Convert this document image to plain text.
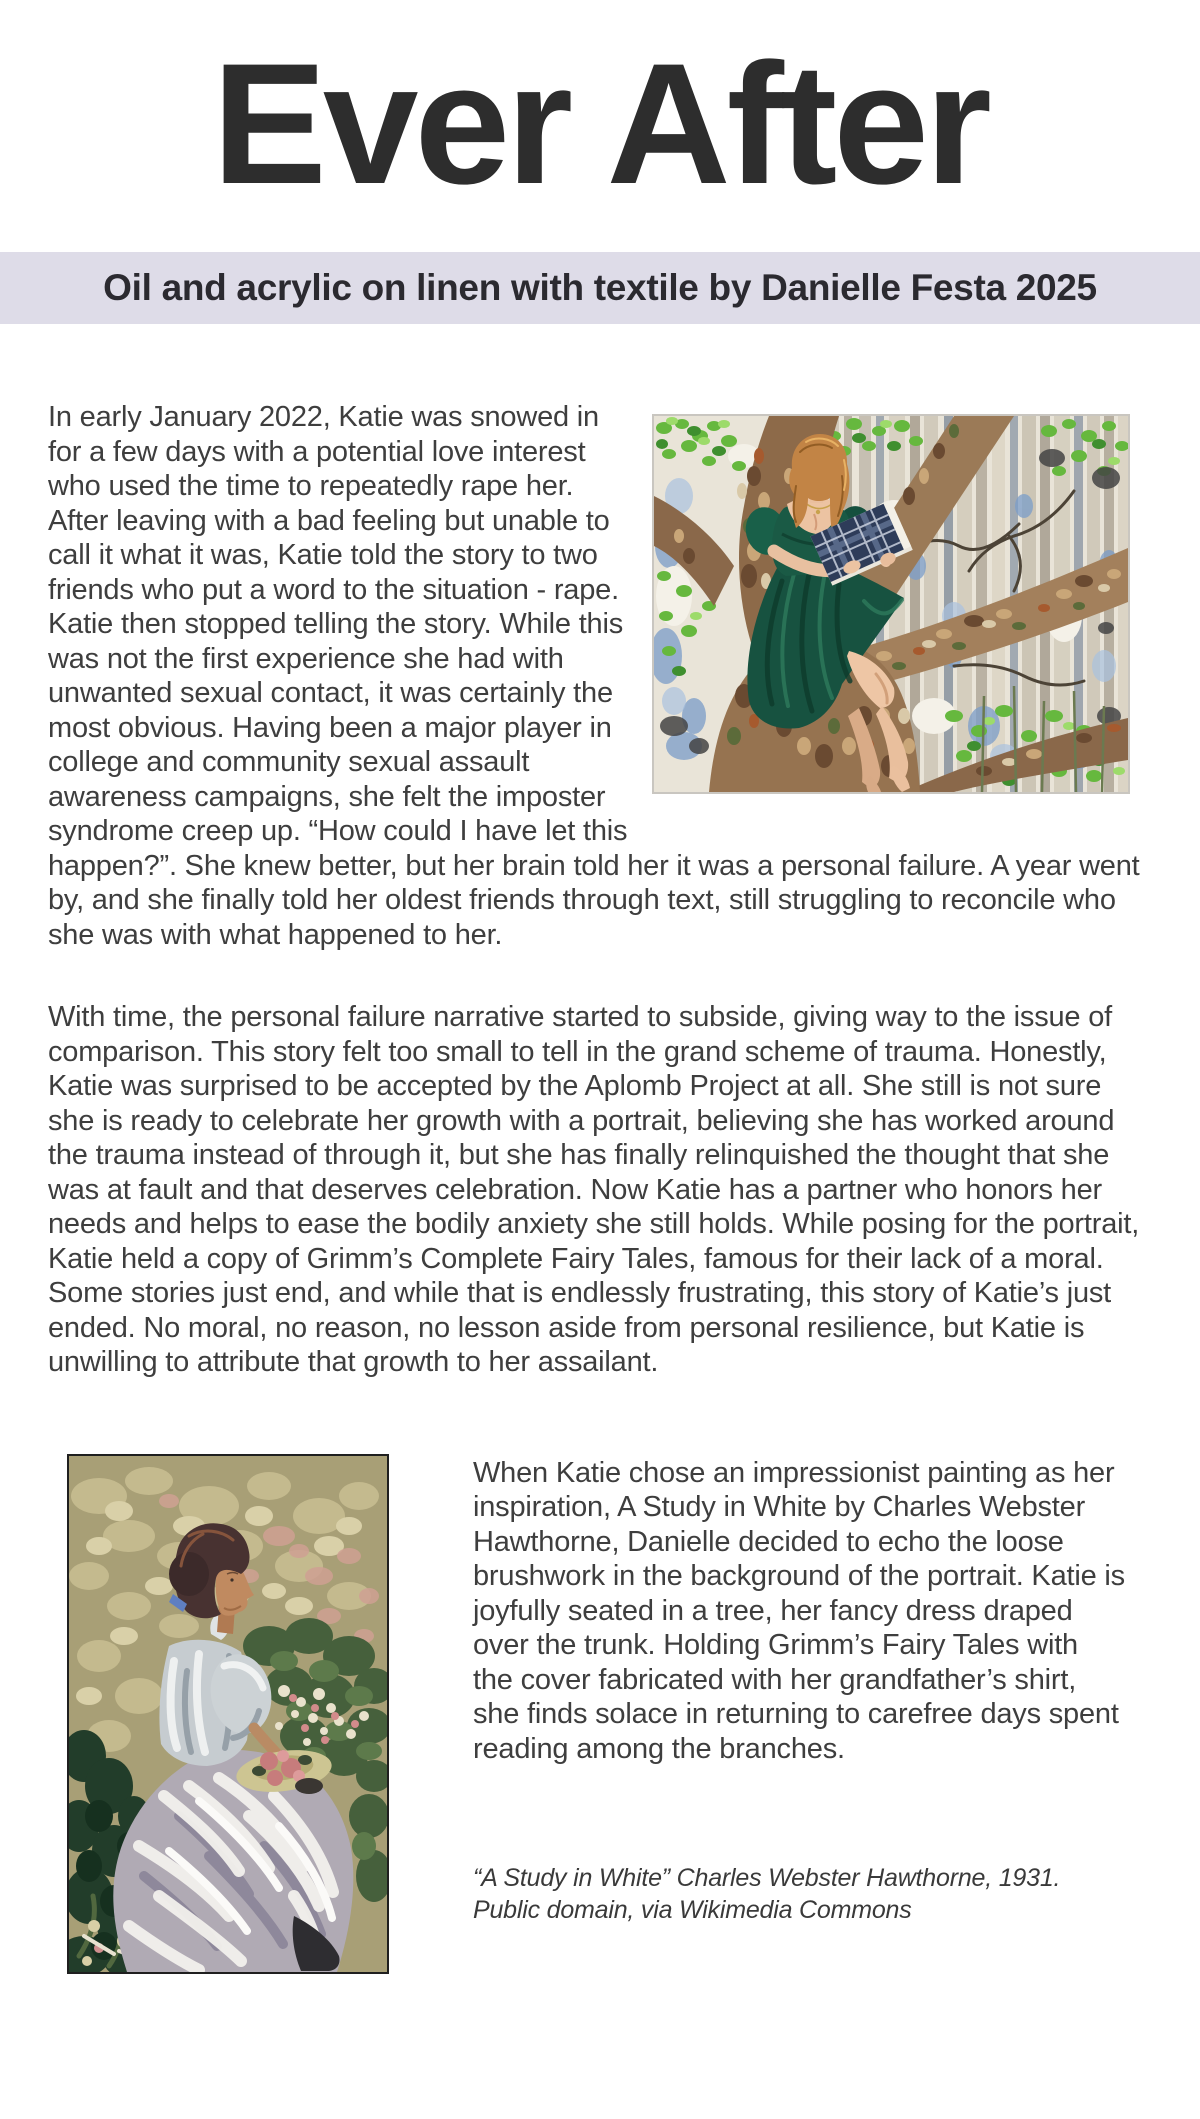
Ever After
Oil and acrylic on linen with textile by Danielle Festa 2025

In early January 2022, Katie was snowed in for a few days with a potential love interest who used the time to repeatedly rape her. After leaving with a bad feeling but unable to call it what it was, Katie told the story to two friends who put a word to the situation - rape. Katie then stopped telling the story. While this was not the first experience she had with unwanted sexual contact, it was certainly the most obvious. Having been a major player in college and community sexual assault awareness campaigns, she felt the imposter syndrome creep up. “How could I have let this happen?”. She knew better, but her brain told her it was a personal failure. A year went by, and she finally told her oldest friends through text, still struggling to reconcile who she was with what happened to her.

With time, the personal failure narrative started to subside, giving way to the issue of comparison. This story felt too small to tell in the grand scheme of trauma. Honestly, Katie was surprised to be accepted by the Aplomb Project at all. She still is not sure she is ready to celebrate her growth with a portrait, believing she has worked around the trauma instead of through it, but she has finally relinquished the thought that she was at fault and that deserves celebration. Now Katie has a partner who honors her needs and helps to ease the bodily anxiety she still holds. While posing for the portrait, Katie held a copy of Grimm’s Complete Fairy Tales, famous for their lack of a moral. Some stories just end, and while that is endlessly frustrating, this story of Katie’s just ended. No moral, no reason, no lesson aside from personal resilience, but Katie is unwilling to attribute that growth to her assailant.

When Katie chose an impressionist painting as her inspiration, A Study in White by Charles Webster Hawthorne, Danielle decided to echo the loose brushwork in the background of the portrait. Katie is joyfully seated in a tree, her fancy dress draped over the trunk. Holding Grimm’s Fairy Tales with the cover fabricated with her grandfather’s shirt, she finds solace in returning to carefree days spent reading among the branches.

“A Study in White” Charles Webster Hawthorne, 1931. Public domain, via Wikimedia Commons
